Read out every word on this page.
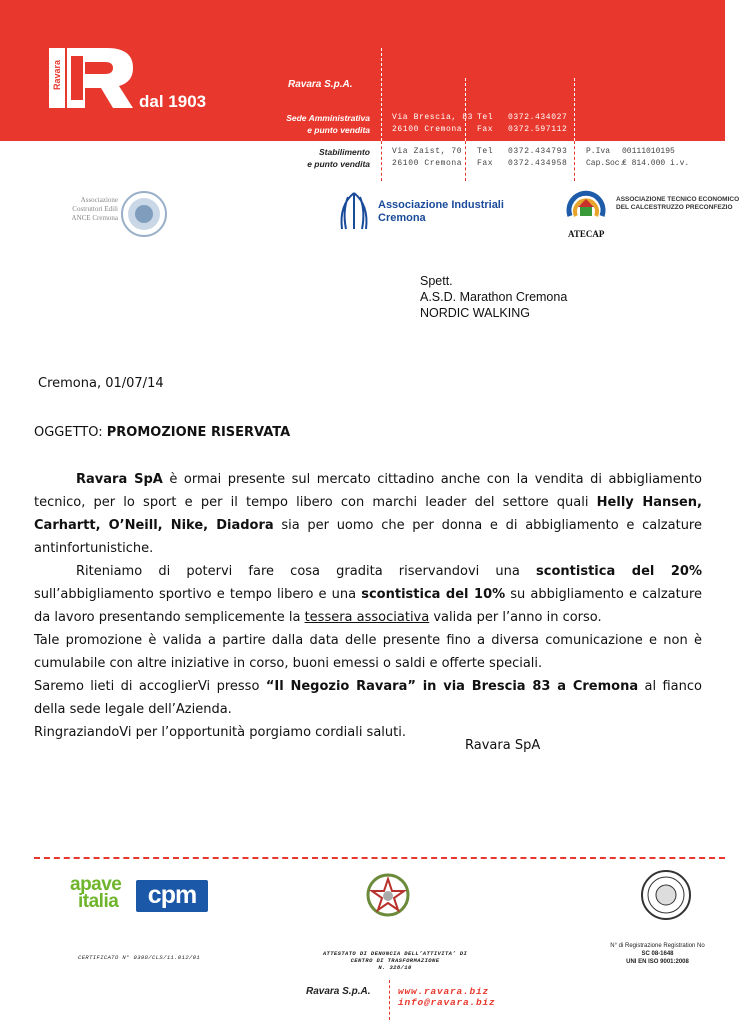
Ravara
dal 1903
Ravara S.p.A.
Sede Amministrativa
e punto vendita
Via Brescia, 83
26100 Cremona
Tel
Fax
0372.434027
0372.597112
Stabilimento
e punto vendita
Via Zaist, 70
26100 Cremona
Tel
Fax
0372.434793
0372.434958
P.Iva
Cap.Soc.
00111010195
€ 814.000 i.v.
Associazione
Costruttori Edili
ANCE Cremona
Associazione Industriali
Cremona
ATECAP
ASSOCIAZIONE TECNICO ECONOMICO
DEL CALCESTRUZZO PRECONFEZIO
Spett.
A.S.D. Marathon Cremona
NORDIC WALKING
Cremona, 01/07/14
OGGETTO: PROMOZIONE RISERVATA
Ravara SpA è ormai presente sul mercato cittadino anche con la vendita di abbigliamento tecnico, per lo sport e per il tempo libero con marchi leader del settore quali Helly Hansen, Carhartt, O’Neill, Nike, Diadora sia per uomo che per donna e di abbigliamento e calzature antinfortunistiche.
Riteniamo di potervi fare cosa gradita riservandovi una scontistica del 20% sull’abbigliamento sportivo e tempo libero e una scontistica del 10% su abbigliamento e calzature da lavoro presentando semplicemente la tessera associativa valida per l’anno in corso.
Tale promozione è valida a partire dalla data delle presente fino a diversa comunicazione e non è cumulabile con altre iniziative in corso, buoni emessi o saldi e offerte speciali.
Saremo lieti di accoglierVi presso “Il Negozio Ravara” in via Brescia 83 a Cremona al fianco della sede legale dell’Azienda.
RingraziandoVi per l’opportunità porgiamo cordiali saluti.
Ravara SpA
apave
italia	cpm
CERTIFICATO N° 0398/CLS/11.012/01
ATTESTATO DI DENUNCIA DELL’ATTIVITA’ DI
CENTRO DI TRASFORMAZIONE
N. 328/10
N° di Registrazione Registration No
SC 08-1648
UNI EN ISO 9001:2008
Ravara S.p.A.	www.ravara.biz
info@ravara.biz
